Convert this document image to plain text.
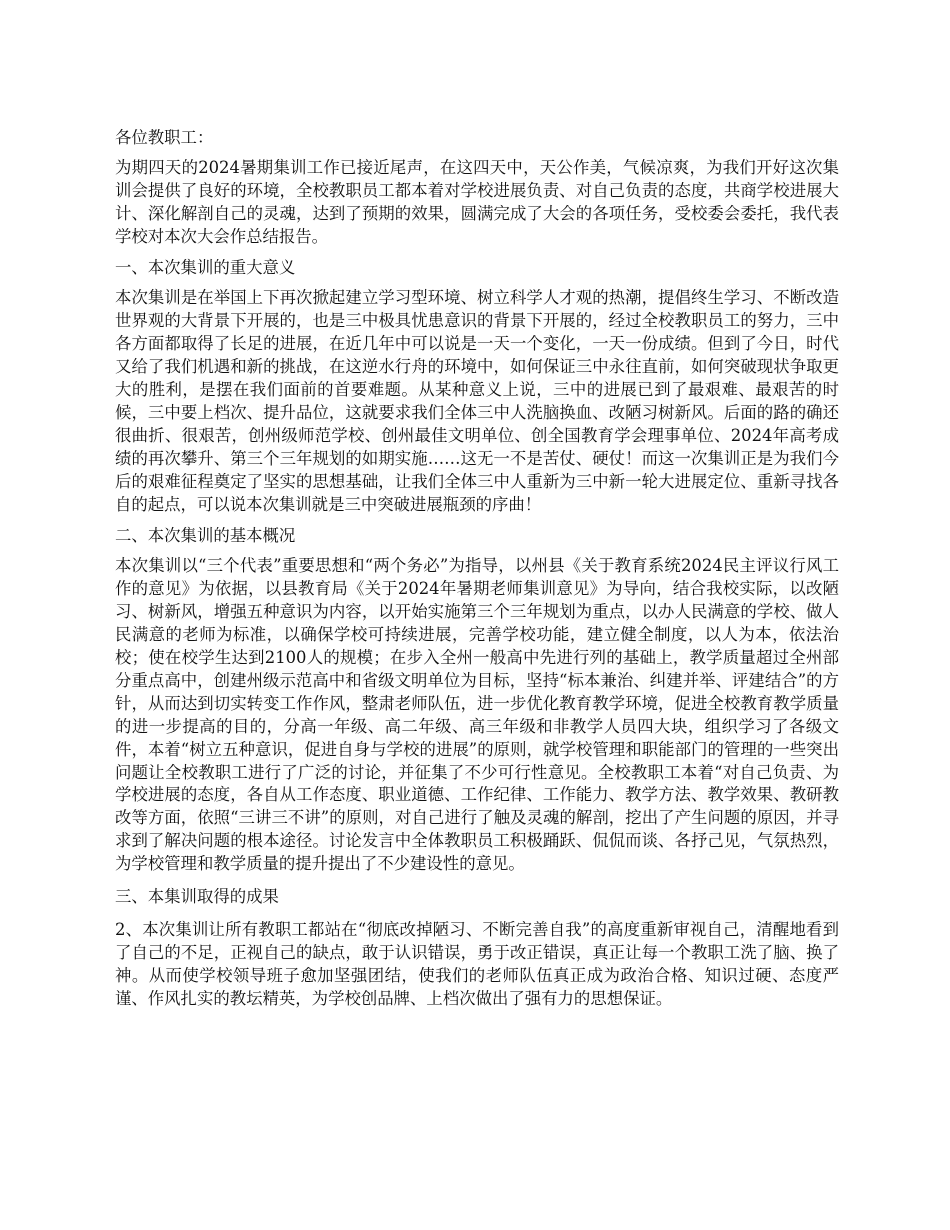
各位教职工：

为期四天的2024暑期集训工作已接近尾声，在这四天中，天公作美，气候凉爽，为我们开好这次集训会提供了良好的环境，全校教职员工都本着对学校进展负责、对自己负责的态度，共商学校进展大计、深化解剖自己的灵魂，达到了预期的效果，圆满完成了大会的各项任务，受校委会委托，我代表学校对本次大会作总结报告。

一、本次集训的重大意义

本次集训是在举国上下再次掀起建立学习型环境、树立科学人才观的热潮，提倡终生学习、不断改造世界观的大背景下开展的，也是三中极具忧患意识的背景下开展的，经过全校教职员工的努力，三中各方面都取得了长足的进展，在近几年中可以说是一天一个变化，一天一份成绩。但到了今日，时代又给了我们机遇和新的挑战，在这逆水行舟的环境中，如何保证三中永往直前，如何突破现状争取更大的胜利，是摆在我们面前的首要难题。从某种意义上说，三中的进展已到了最艰难、最艰苦的时候，三中要上档次、提升品位，这就要求我们全体三中人洗脑换血、改陋习树新风。后面的路的确还很曲折、很艰苦，创州级师范学校、创州最佳文明单位、创全国教育学会理事单位、2024年高考成绩的再次攀升、第三个三年规划的如期实施……这无一不是苦仗、硬仗！而这一次集训正是为我们今后的艰难征程奠定了坚实的思想基础，让我们全体三中人重新为三中新一轮大进展定位、重新寻找各自的起点，可以说本次集训就是三中突破进展瓶颈的序曲！

二、本次集训的基本概况

本次集训以“三个代表”重要思想和“两个务必”为指导，以州县《关于教育系统2024民主评议行风工作的意见》为依据，以县教育局《关于2024年暑期老师集训意见》为导向，结合我校实际，以改陋习、树新风，增强五种意识为内容，以开始实施第三个三年规划为重点，以办人民满意的学校、做人民满意的老师为标准，以确保学校可持续进展，完善学校功能，建立健全制度，以人为本，依法治校；使在校学生达到2100人的规模；在步入全州一般高中先进行列的基础上，教学质量超过全州部分重点高中，创建州级示范高中和省级文明单位为目标，坚持“标本兼治、纠建并举、评建结合”的方针，从而达到切实转变工作作风，整肃老师队伍，进一步优化教育教学环境，促进全校教育教学质量的进一步提高的目的，分高一年级、高二年级、高三年级和非教学人员四大块，组织学习了各级文件，本着“树立五种意识，促进自身与学校的进展”的原则，就学校管理和职能部门的管理的一些突出问题让全校教职工进行了广泛的讨论，并征集了不少可行性意见。全校教职工本着“对自己负责、为学校进展的态度，各自从工作态度、职业道德、工作纪律、工作能力、教学方法、教学效果、教研教改等方面，依照“三讲三不讲”的原则，对自己进行了触及灵魂的解剖，挖出了产生问题的原因，并寻求到了解决问题的根本途径。讨论发言中全体教职员工积极踊跃、侃侃而谈、各抒己见，气氛热烈，为学校管理和教学质量的提升提出了不少建设性的意见。

三、本集训取得的成果

2、本次集训让所有教职工都站在“彻底改掉陋习、不断完善自我”的高度重新审视自己，清醒地看到了自己的不足，正视自己的缺点，敢于认识错误，勇于改正错误，真正让每一个教职工洗了脑、换了神。从而使学校领导班子愈加坚强团结，使我们的老师队伍真正成为政治合格、知识过硬、态度严谨、作风扎实的教坛精英，为学校创品牌、上档次做出了强有力的思想保证。
